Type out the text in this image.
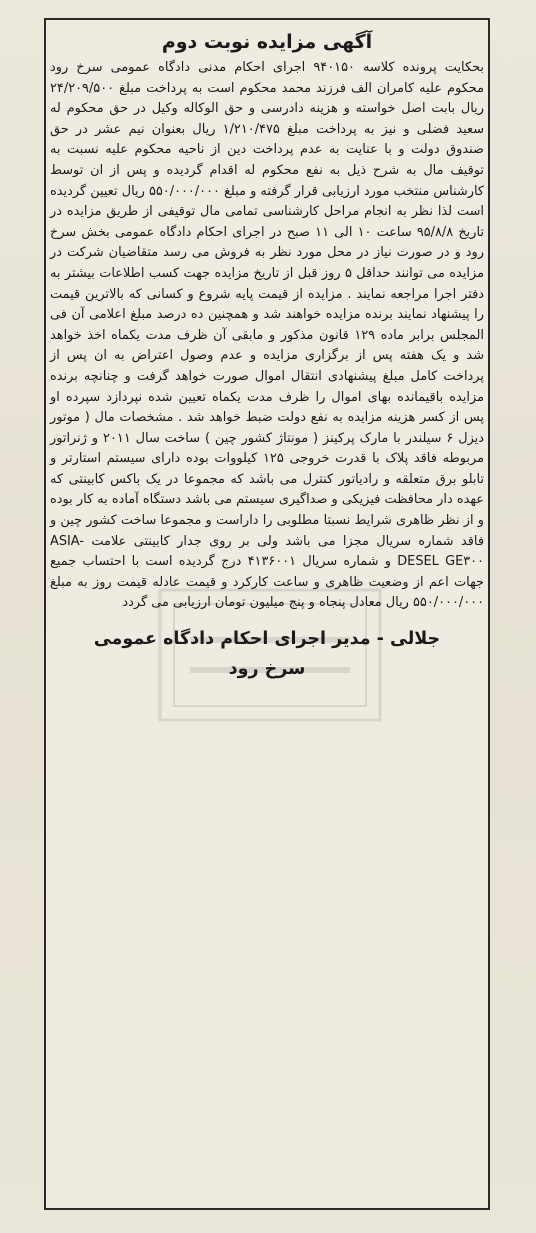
آگهی مزایده نوبت دوم

بحکایت پرونده کلاسه ۹۴۰۱۵۰ اجرای احکام مدنی دادگاه عمومی سرخ رود محکوم علیه کامران الف فرزند محمد محکوم است به پرداخت مبلغ ۲۴/۲۰۹/۵۰۰ ریال بابت اصل خواسته و هزینه دادرسی و حق الوکاله وکیل در حق محکوم له سعید فضلی و نیز به پرداخت مبلغ ۱/۲۱۰/۴۷۵ ریال بعنوان نیم عشر در حق صندوق دولت و با عنایت به عدم پرداخت دین از ناحیه محکوم علیه نسبت به توقیف مال به شرح ذیل به نفع محکوم له اقدام گردیده و پس از ان توسط کارشناس منتخب مورد ارزیابی قرار گرفته و مبلغ ۵۵۰/۰۰۰/۰۰۰ ریال تعیین گردیده است لذا نظر به انجام مراحل کارشناسی تمامی مال توقیفی از طریق مزایده در تاریخ ۹۵/۸/۸ ساعت ۱۰ الی ۱۱ صبح در اجرای احکام دادگاه عمومی بخش سرخ رود و در صورت نیاز در محل مورد نظر به فروش می رسد متقاضیان شرکت در مزایده می توانند حداقل ۵ روز قبل از تاریخ مزایده جهت کسب اطلاعات بیشتر به دفتر اجرا مراجعه نمایند . مزایده از قیمت پایه شروع و کسانی که بالاترین قیمت را پیشنهاد نمایند برنده مزایده خواهند شد و همچنین ده درصد مبلغ اعلامی آن فی المجلس برابر ماده ۱۲۹ قانون مذکور و مابقی آن ظرف مدت یکماه اخذ خواهد شد و یک هفته پس از برگزاری مزایده و عدم وصول اعتراض به ان پس از پرداخت کامل مبلغ پیشنهادی انتقال اموال صورت خواهد گرفت و چنانچه برنده مزایده باقیمانده بهای اموال را ظرف مدت یکماه تعیین شده نپردازد سپرده او پس از کسر هزینه مزایده به نفع دولت ضبط خواهد شد . مشخصات مال ( موتور دیزل ۶ سیلندر با مارک پرکینز ( مونتاژ کشور چین ) ساخت سال ۲۰۱۱ و ژنراتور مربوطه فاقد پلاک با قدرت خروجی ۱۲۵ کیلووات بوده دارای سیستم استارتر و تابلو برق متعلقه و رادیاتور کنترل می باشد که مجموعا در یک باکس کابینتی که عهده دار محافظت فیزیکی و صداگیری سیستم می باشد دستگاه آماده به کار بوده و از نظر ظاهری شرایط نسبتا مطلوبی را داراست و مجموعا ساخت کشور چین و فاقد شماره سریال مجزا می باشد ولی بر روی جدار کابینتی علامت ASIA-DESEL GE۳۰۰ و شماره سریال ۴۱۳۶۰۰۱ درج گردیده است با احتساب جمیع جهات اعم از وضعیت ظاهری و ساعت کارکرد و قیمت عادله قیمت روز به مبلغ ۵۵۰/۰۰۰/۰۰۰ ریال معادل پنجاه و پنج میلیون تومان ارزیابی می گردد

جلالی - مدیر اجرای احکام دادگاه عمومی
سرخ رود
